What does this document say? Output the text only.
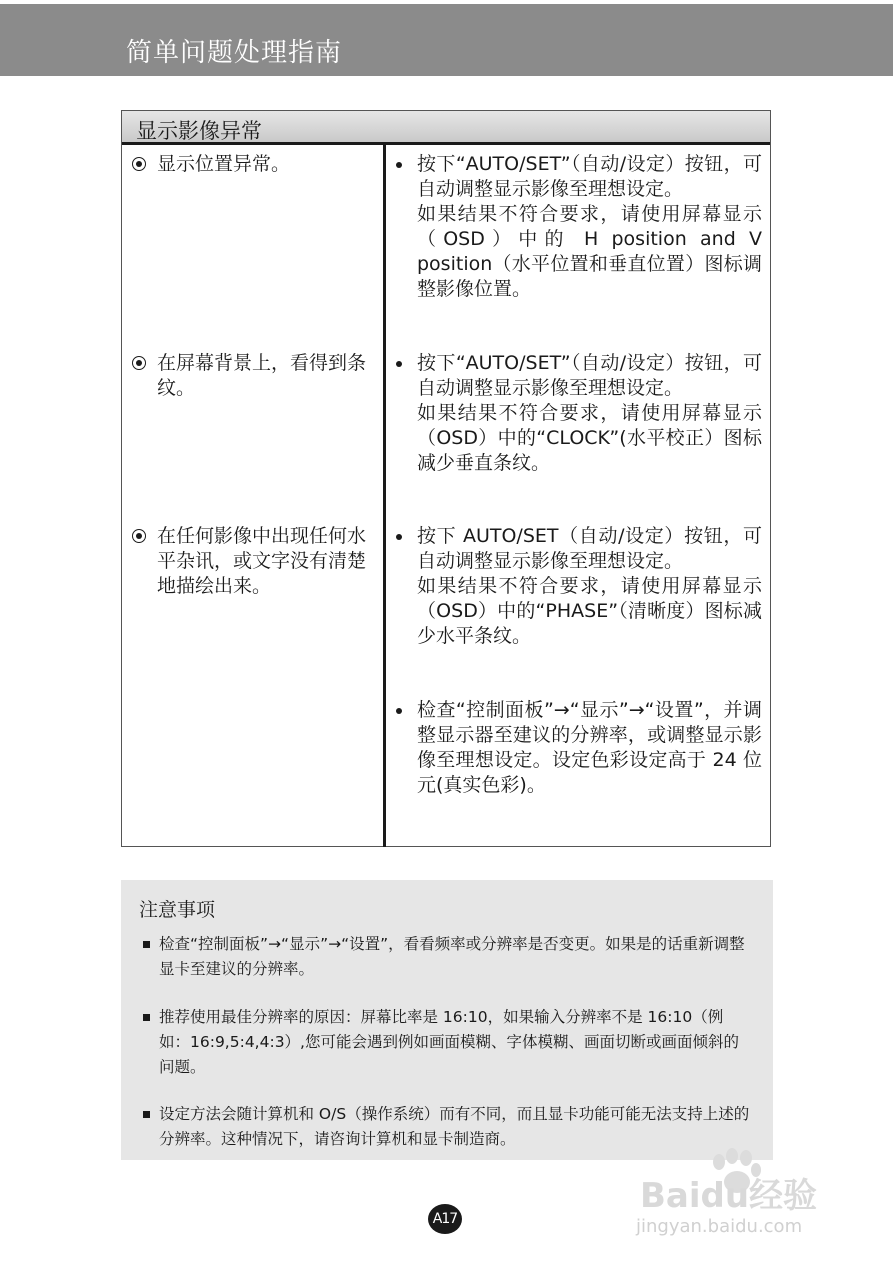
简单问题处理指南
显示影像异常
显示位置异常。	按下“AUTO/SET”（自动/设定）按钮，可自动调整显示影像至理想设定。

如果结果不符合要求，请使用屏幕显示（OSD）中的 H position and V position（水平位置和垂直位置）图标调整影像位置。

在屏幕背景上，看得到条纹。

按下“AUTO/SET”（自动/设定）按钮，可自动调整显示影像至理想设定。

如果结果不符合要求，请使用屏幕显示（OSD）中的“CLOCK”(水平校正）图标减少垂直条纹。

在任何影像中出现任何水平杂讯，或文字没有清楚地描绘出来。

按下 AUTO/SET（自动/设定）按钮，可自动调整显示影像至理想设定。

如果结果不符合要求，请使用屏幕显示（OSD）中的“PHASE”（清晰度）图标减少水平条纹。

检查“控制面板”→“显示”→“设置”，并调整显示器至建议的分辨率，或调整显示影像至理想设定。设定色彩设定高于 24 位元(真实色彩)。

注意事项
检查“控制面板”→“显示”→“设置”，看看频率或分辨率是否变更。如果是的话重新调整显卡至建议的分辨率。
推荐使用最佳分辨率的原因：屏幕比率是 16:10，如果输入分辨率不是 16:10（例如：16:9,5:4,4:3）,您可能会遇到例如画面模糊、字体模糊、画面切断或画面倾斜的问题。
设定方法会随计算机和 O/S（操作系统）而有不同，而且显卡功能可能无法支持上述的分辨率。这种情况下，请咨询计算机和显卡制造商。
A17
Baidu经验
jingyan.baidu.com
